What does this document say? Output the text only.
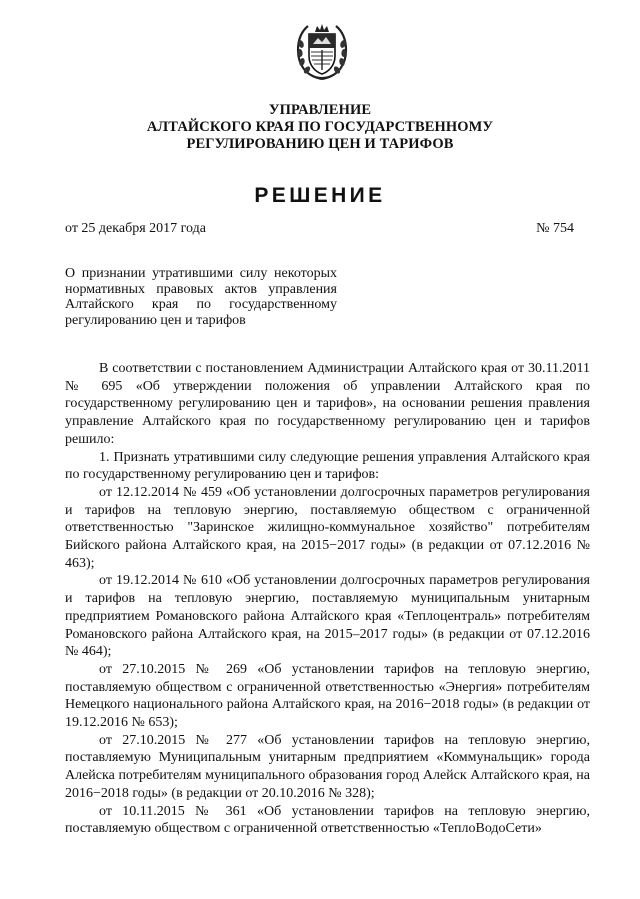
УПРАВЛЕНИЕ
АЛТАЙСКОГО КРАЯ ПО ГОСУДАРСТВЕННОМУ
РЕГУЛИРОВАНИЮ ЦЕН И ТАРИФОВ
РЕШЕНИЕ
от 25 декабря 2017 года	№ 754
О признании утратившими силу некоторых нормативных правовых актов управления Алтайского края по государственному регулированию цен и тарифов

В соответствии с постановлением Администрации Алтайского края от 30.11.2011 № 695 «Об утверждении положения об управлении Алтайского края по государственному регулированию цен и тарифов», на основании решения правления управление Алтайского края по государственному регулированию цен и тарифов решило:

1. Признать утратившими силу следующие решения управления Алтайского края по государственному регулированию цен и тарифов:

от 12.12.2014 № 459 «Об установлении долгосрочных параметров регулирования и тарифов на тепловую энергию, поставляемую обществом с ограниченной ответственностью "Заринское жилищно-коммунальное хозяйство" потребителям Бийского района Алтайского края, на 2015−2017 годы» (в редакции от 07.12.2016 № 463);

от 19.12.2014 № 610 «Об установлении долгосрочных параметров регулирования и тарифов на тепловую энергию, поставляемую муниципальным унитарным предприятием Романовского района Алтайского края «Теплоцентраль» потребителям Романовского района Алтайского края, на 2015–2017 годы» (в редакции от 07.12.2016 № 464);

от 27.10.2015 № 269 «Об установлении тарифов на тепловую энергию, поставляемую обществом с ограниченной ответственностью «Энергия» потребителям Немецкого национального района Алтайского края, на 2016−2018 годы» (в редакции от 19.12.2016 № 653);

от 27.10.2015 № 277 «Об установлении тарифов на тепловую энергию, поставляемую Муниципальным унитарным предприятием «Коммунальщик» города Алейска потребителям муниципального образования город Алейск Алтайского края, на 2016−2018 годы» (в редакции от 20.10.2016 № 328);

от 10.11.2015 № 361 «Об установлении тарифов на тепловую энергию, поставляемую обществом с ограниченной ответственностью «ТеплоВодоСети»
